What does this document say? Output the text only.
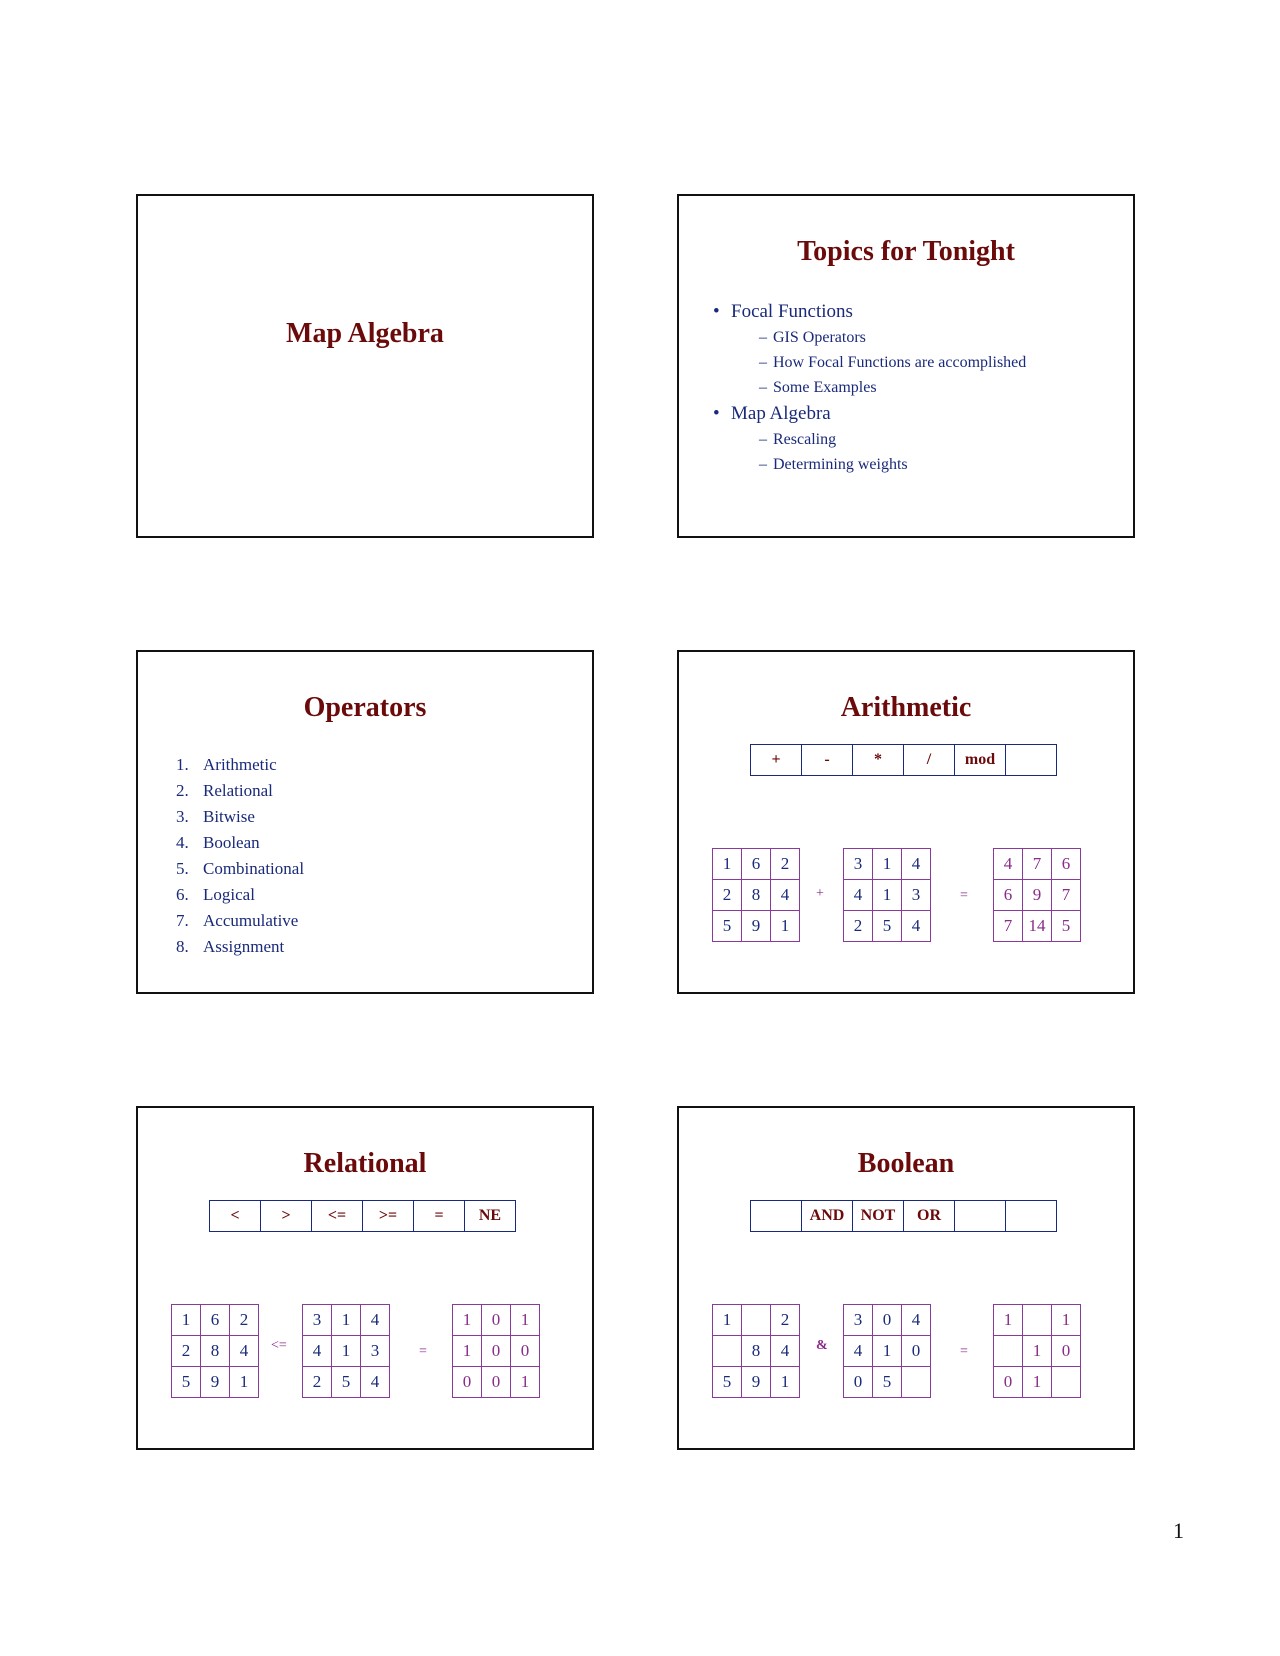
Map Algebra
Topics for Tonight
• Focal Functions
– GIS Operators
– How Focal Functions are accomplished
– Some Examples
• Map Algebra
– Rescaling
– Determining weights
Operators
1. Arithmetic
2. Relational
3. Bitwise
4. Boolean
5. Combinational
6. Logical
7. Accumulative
8. Assignment
Arithmetic
+	-	*	/	mod	
1	6	2
2	8	4
5	9	1
+
3	1	4
4	1	3
2	5	4
=
4	7	6
6	9	7
7	14	5
Relational
<	>	<=	>=	=	NE
1	6	2
2	8	4
5	9	1
<=
3	1	4
4	1	3
2	5	4
=
1	0	1
1	0	0
0	0	1
Boolean
	AND	NOT	OR		
1		2
	8	4
5	9	1
&
3	0	4
4	1	0
0	5	
=
1		1
	1	0
0	1	
1
